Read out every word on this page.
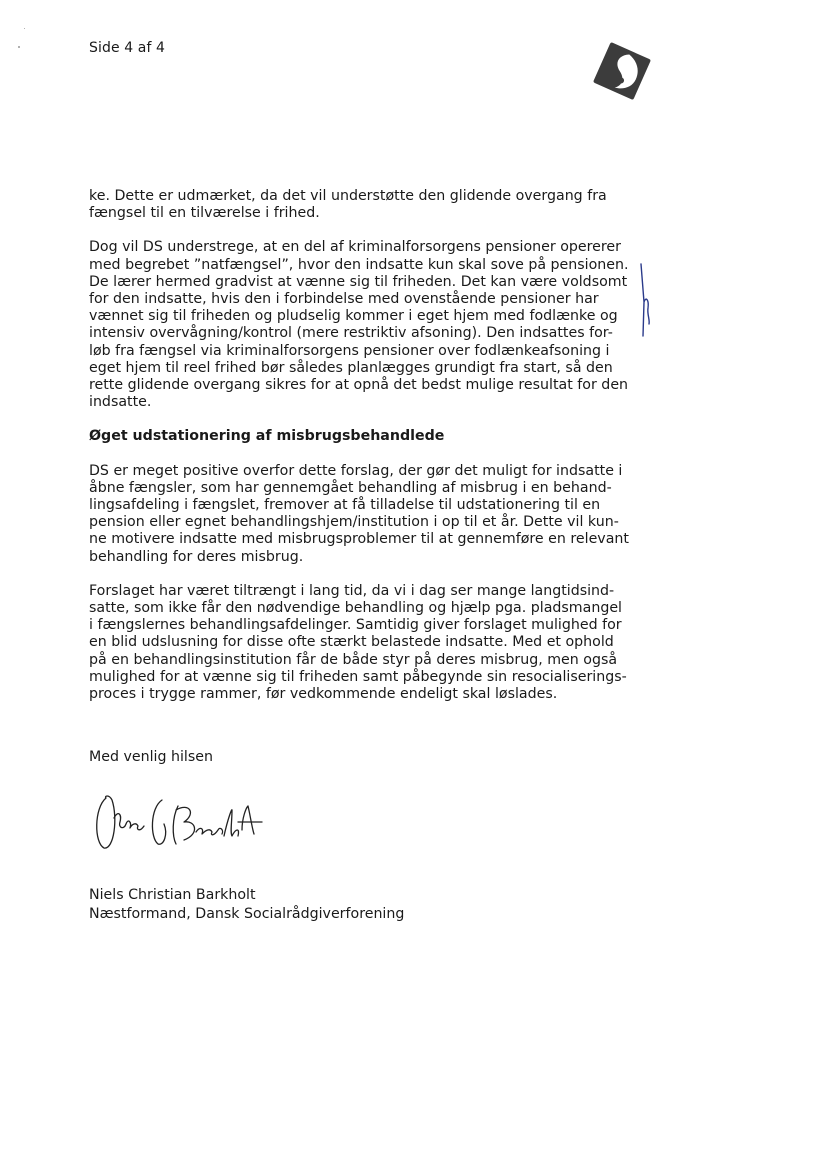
Side 4 af 4
ke. Dette er udmærket, da det vil understøtte den glidende overgang fra
fængsel til en tilværelse i frihed.
Dog vil DS understrege, at en del af kriminalforsorgens pensioner opererer
med begrebet ”natfængsel”, hvor den indsatte kun skal sove på pensionen.
De lærer hermed gradvist at vænne sig til friheden. Det kan være voldsomt
for den indsatte, hvis den i forbindelse med ovenstående pensioner har
vænnet sig til friheden og pludselig kommer i eget hjem med fodlænke og
intensiv overvågning/kontrol (mere restriktiv afsoning). Den indsattes for-
løb fra fængsel via kriminalforsorgens pensioner over fodlænkeafsoning i
eget hjem til reel frihed bør således planlægges grundigt fra start, så den
rette glidende overgang sikres for at opnå det bedst mulige resultat for den
indsatte.
Øget udstationering af misbrugsbehandlede
DS er meget positive overfor dette forslag, der gør det muligt for indsatte i
åbne fængsler, som har gennemgået behandling af misbrug i en behand-
lingsafdeling i fængslet, fremover at få tilladelse til udstationering til en
pension eller egnet behandlingshjem/institution i op til et år. Dette vil kun-
ne motivere indsatte med misbrugsproblemer til at gennemføre en relevant
behandling for deres misbrug.
Forslaget har været tiltrængt i lang tid, da vi i dag ser mange langtidsind-
satte, som ikke får den nødvendige behandling og hjælp pga. pladsmangel
i fængslernes behandlingsafdelinger. Samtidig giver forslaget mulighed for
en blid udslusning for disse ofte stærkt belastede indsatte. Med et ophold
på en behandlingsinstitution får de både styr på deres misbrug, men også
mulighed for at vænne sig til friheden samt påbegynde sin resocialiserings-
proces i trygge rammer, før vedkommende endeligt skal løslades.
Med venlig hilsen
Niels Christian Barkholt
Næstformand, Dansk Socialrådgiverforening
